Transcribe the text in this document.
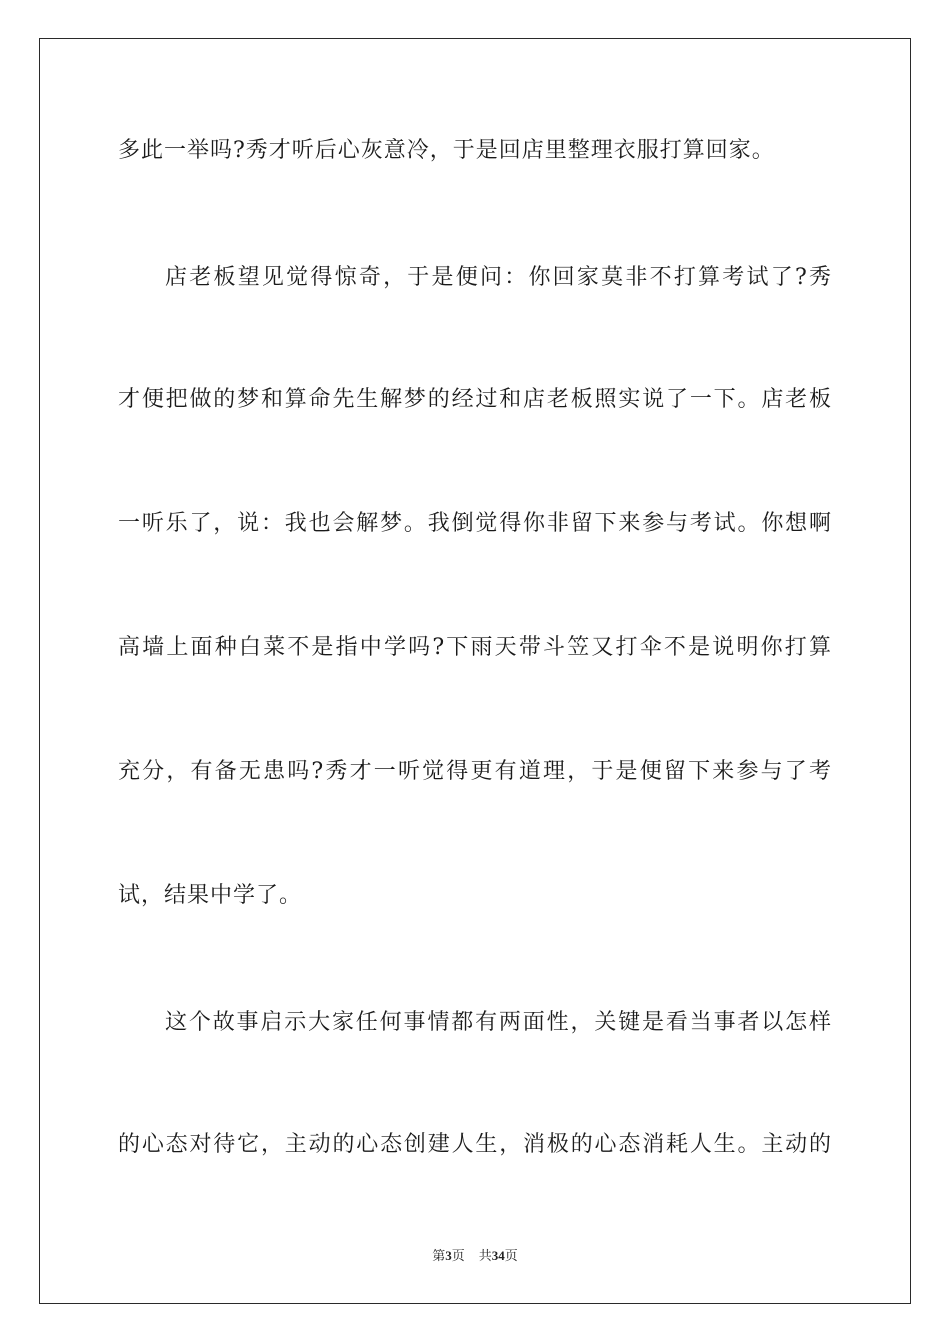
多此一举吗?秀才听后心灰意冷，于是回店里整理衣服打算回家。
店老板望见觉得惊奇，于是便问：你回家莫非不打算考试了?秀
才便把做的梦和算命先生解梦的经过和店老板照实说了一下。店老板
一听乐了，说：我也会解梦。我倒觉得你非留下来参与考试。你想啊
高墙上面种白菜不是指中学吗?下雨天带斗笠又打伞不是说明你打算
充分，有备无患吗?秀才一听觉得更有道理，于是便留下来参与了考
试，结果中学了。
这个故事启示大家任何事情都有两面性，关键是看当事者以怎样
的心态对待它，主动的心态创建人生，消极的心态消耗人生。主动的
第3页 共34页
